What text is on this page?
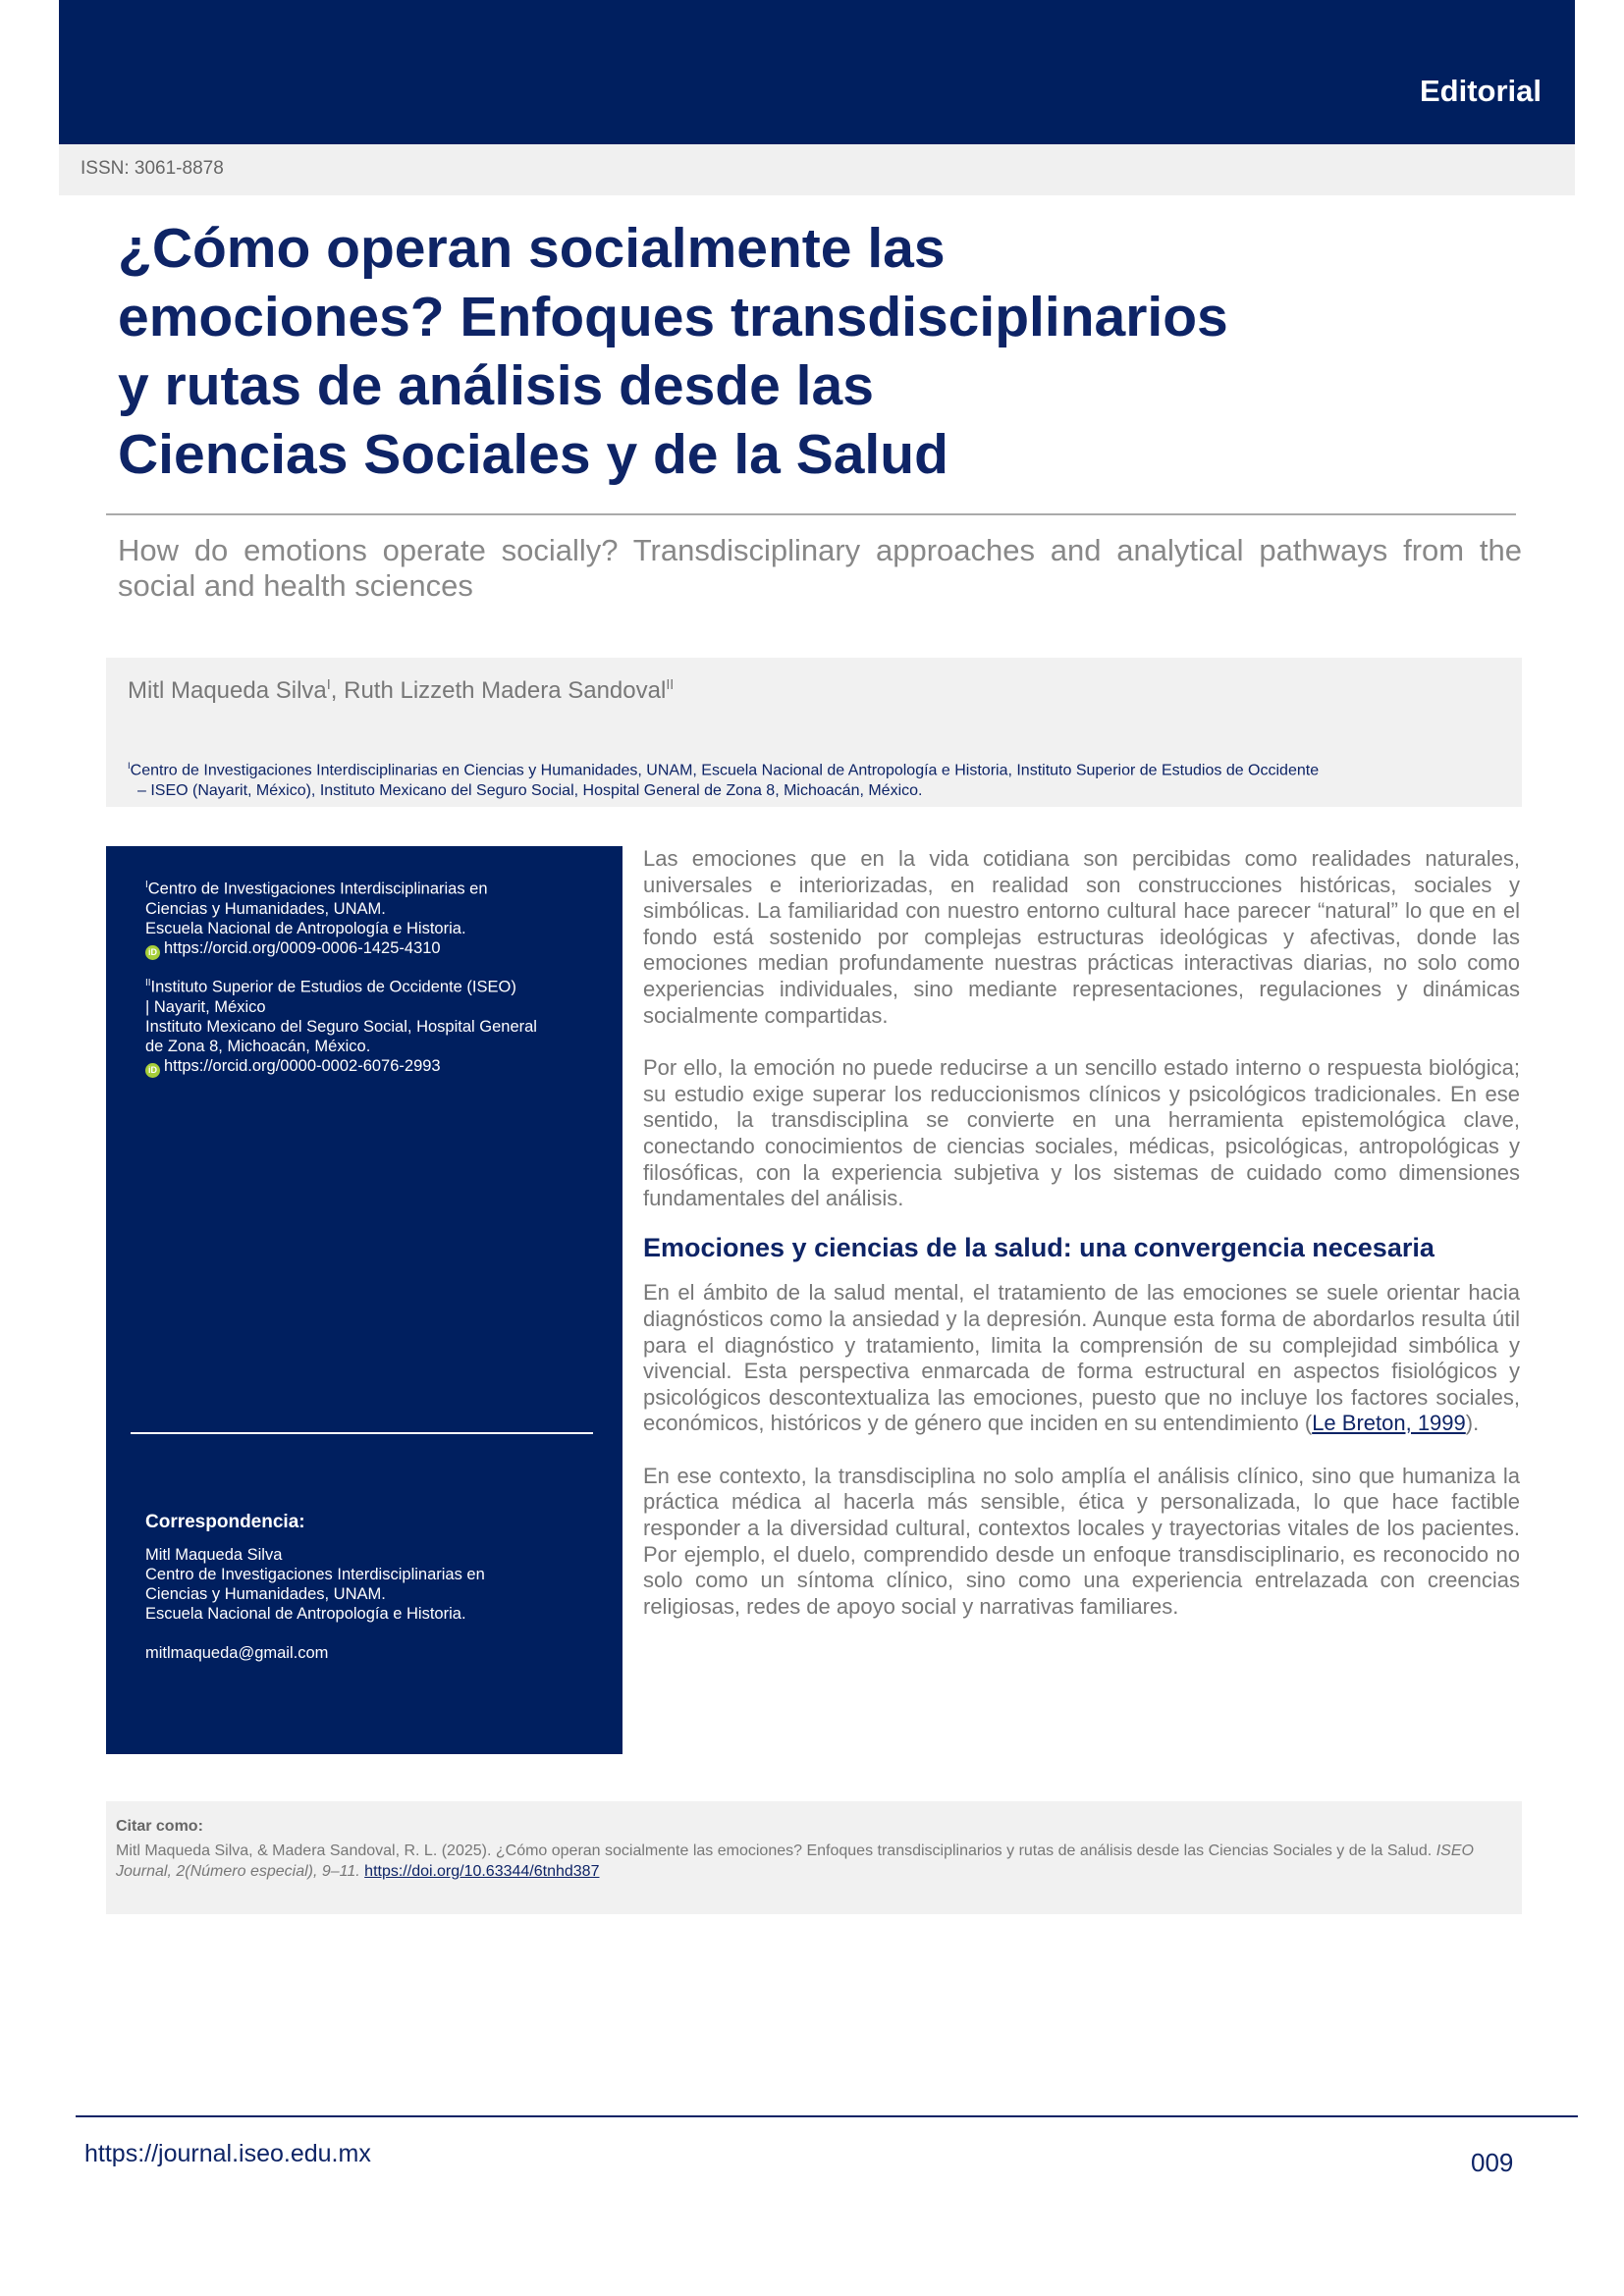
Editorial
ISSN: 3061-8878
¿Cómo operan socialmente las
emociones? Enfoques transdisciplinarios
y rutas de análisis desde las
Ciencias Sociales y de la Salud
How do emotions operate socially? Transdisciplinary approaches and analytical pathways from the social and health sciences
Mitl Maqueda Silva$^I$, Ruth Lizzeth Madera Sandoval$^{II}$
$^I$Centro de Investigaciones Interdisciplinarias en Ciencias y Humanidades, UNAM, Escuela Nacional de Antropología e Historia, Instituto Superior de Estudios de Occidente
– ISEO (Nayarit, México), Instituto Mexicano del Seguro Social, Hospital General de Zona 8, Michoacán, México.
$^I$Centro de Investigaciones Interdisciplinarias en
Ciencias y Humanidades, UNAM.
Escuela Nacional de Antropología e Historia.
iD https://orcid.org/0009-0006-1425-4310
$^{II}$Instituto Superior de Estudios de Occidente (ISEO)
| Nayarit, México
Instituto Mexicano del Seguro Social, Hospital General
de Zona 8, Michoacán, México.
iD https://orcid.org/0000-0002-6076-2993
Correspondencia:
Mitl Maqueda Silva
Centro de Investigaciones Interdisciplinarias en
Ciencias y Humanidades, UNAM.
Escuela Nacional de Antropología e Historia.
mitlmaqueda@gmail.com

Las emociones que en la vida cotidiana son percibidas como realidades naturales, universales e interiorizadas, en realidad son construcciones históricas, sociales y simbólicas. La familiaridad con nuestro entorno cultural hace parecer “natural” lo que en el fondo está sostenido por complejas estructuras ideológicas y afectivas, donde las emociones median profundamente nuestras prácticas interactivas diarias, no solo como experiencias individuales, sino mediante representaciones, regulaciones y dinámicas socialmente compartidas.

Por ello, la emoción no puede reducirse a un sencillo estado interno o respuesta biológica; su estudio exige superar los reduccionismos clínicos y psicológicos tradicionales. En ese sentido, la transdisciplina se convierte en una herramienta epistemológica clave, conectando conocimientos de ciencias sociales, médicas, psicológicas, antropológicas y filosóficas, con la experiencia subjetiva y los sistemas de cuidado como dimensiones fundamentales del análisis.

Emociones y ciencias de la salud: una convergencia necesaria

En el ámbito de la salud mental, el tratamiento de las emociones se suele orientar hacia diagnósticos como la ansiedad y la depresión. Aunque esta forma de abordarlos resulta útil para el diagnóstico y tratamiento, limita la comprensión de su complejidad simbólica y vivencial. Esta perspectiva enmarcada de forma estructural en aspectos fisiológicos y psicológicos descontextualiza las emociones, puesto que no incluye los factores sociales, económicos, históricos y de género que inciden en su entendimiento (Le Breton, 1999).

En ese contexto, la transdisciplina no solo amplía el análisis clínico, sino que humaniza la práctica médica al hacerla más sensible, ética y personalizada, lo que hace factible responder a la diversidad cultural, contextos locales y trayectorias vitales de los pacientes. Por ejemplo, el duelo, comprendido desde un enfoque transdisciplinario, es reconocido no solo como un síntoma clínico, sino como una experiencia entrelazada con creencias religiosas, redes de apoyo social y narrativas familiares.

Citar como:
Mitl Maqueda Silva, & Madera Sandoval, R. L. (2025). ¿Cómo operan socialmente las emociones? Enfoques transdisciplinarios y rutas de análisis desde las Ciencias Sociales y de la Salud. ISEO Journal, 2(Número especial), 9–11. https://doi.org/10.63344/6tnhd387
https://journal.iseo.edu.mx	009
